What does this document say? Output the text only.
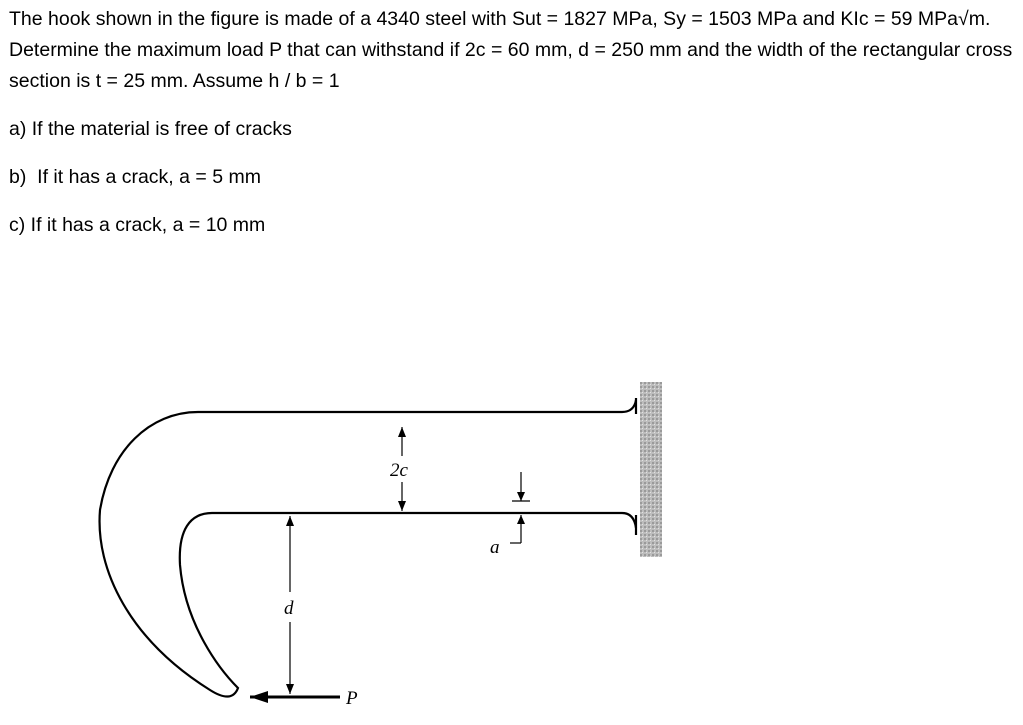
The hook shown in the figure is made of a 4340 steel with Sut = 1827 MPa, Sy = 1503 MPa and KIc = 59 MPa√m. Determine the maximum load P that can withstand if 2c = 60 mm, d = 250 mm and the width of the rectangular cross section is t = 25 mm. Assume h / b = 1

a) If the material is free of cracks

b)  If it has a crack, a = 5 mm

c) If it has a crack, a = 10 mm

2c
a
d
P
